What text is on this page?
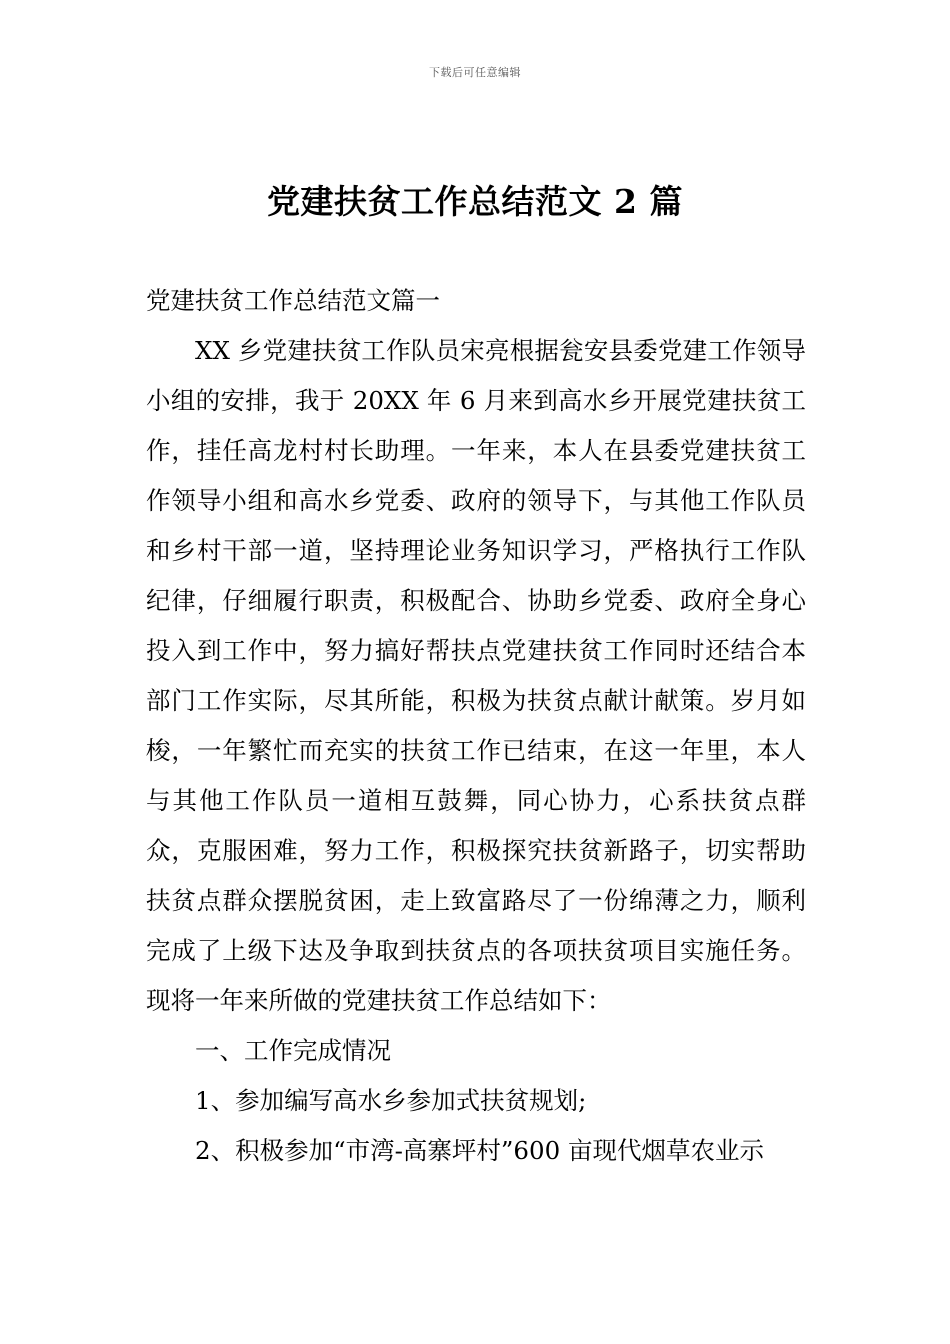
下载后可任意编辑
党建扶贫工作总结范文 2 篇

党建扶贫工作总结范文篇一

XX 乡党建扶贫工作队员宋亮根据瓮安县委党建工作领导小组的安排，我于 20XX 年 6 月来到高水乡开展党建扶贫工作，挂任高龙村村长助理。一年来，本人在县委党建扶贫工作领导小组和高水乡党委、政府的领导下，与其他工作队员和乡村干部一道，坚持理论业务知识学习，严格执行工作队纪律，仔细履行职责，积极配合、协助乡党委、政府全身心投入到工作中，努力搞好帮扶点党建扶贫工作同时还结合本部门工作实际，尽其所能，积极为扶贫点献计献策。岁月如梭，一年繁忙而充实的扶贫工作已结束，在这一年里，本人与其他工作队员一道相互鼓舞，同心协力，心系扶贫点群众，克服困难，努力工作，积极探究扶贫新路子，切实帮助扶贫点群众摆脱贫困，走上致富路尽了一份绵薄之力，顺利完成了上级下达及争取到扶贫点的各项扶贫项目实施任务。现将一年来所做的党建扶贫工作总结如下：

一、工作完成情况

1、参加编写高水乡参加式扶贫规划;

2、积极参加“市湾-高寨坪村”600 亩现代烟草农业示
